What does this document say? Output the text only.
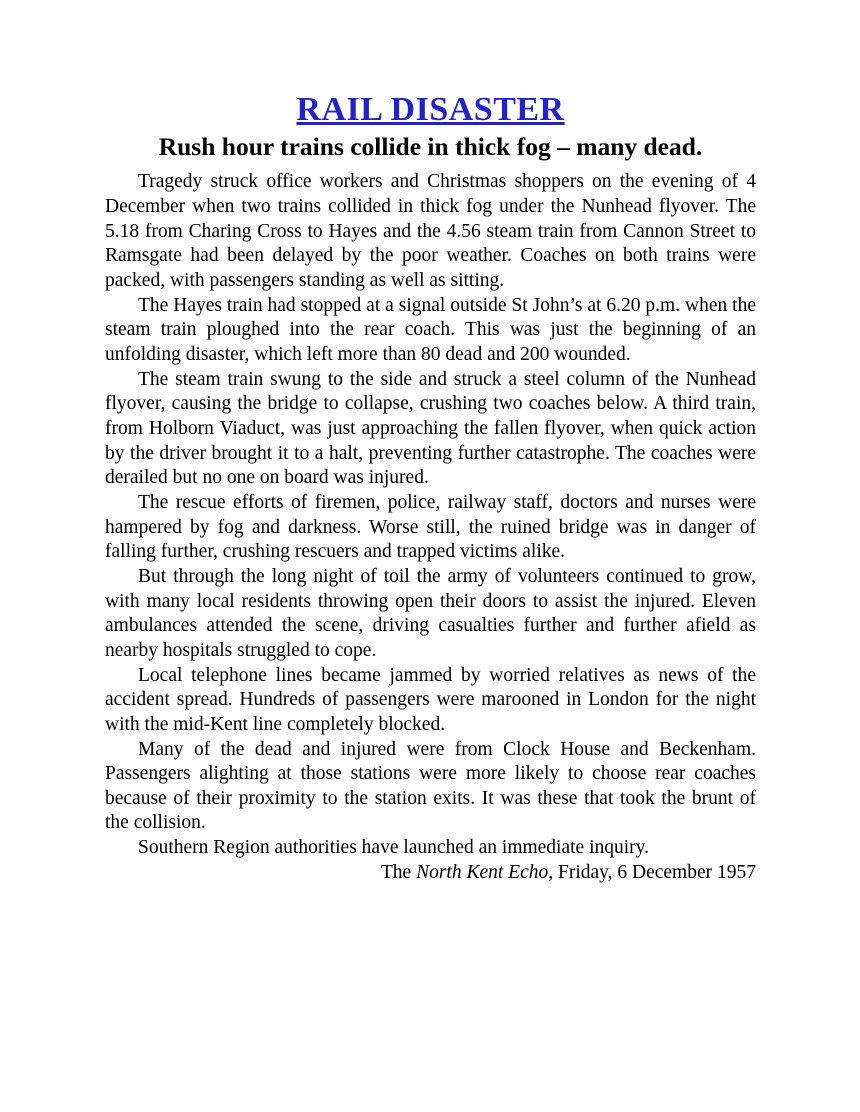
RAIL DISASTER
Rush hour trains collide in thick fog – many dead.

Tragedy struck office workers and Christmas shoppers on the evening of 4 December when two trains collided in thick fog under the Nunhead flyover. The 5.18 from Charing Cross to Hayes and the 4.56 steam train from Cannon Street to Ramsgate had been delayed by the poor weather. Coaches on both trains were packed, with passengers standing as well as sitting.

The Hayes train had stopped at a signal outside St John’s at 6.20 p.m. when the steam train ploughed into the rear coach. This was just the beginning of an unfolding disaster, which left more than 80 dead and 200 wounded.

The steam train swung to the side and struck a steel column of the Nunhead flyover, causing the bridge to collapse, crushing two coaches below. A third train, from Holborn Viaduct, was just approaching the fallen flyover, when quick action by the driver brought it to a halt, preventing further catastrophe. The coaches were derailed but no one on board was injured.

The rescue efforts of firemen, police, railway staff, doctors and nurses were hampered by fog and darkness. Worse still, the ruined bridge was in danger of falling further, crushing rescuers and trapped victims alike.

But through the long night of toil the army of volunteers continued to grow, with many local residents throwing open their doors to assist the injured. Eleven ambulances attended the scene, driving casualties further and further afield as nearby hospitals struggled to cope.

Local telephone lines became jammed by worried relatives as news of the accident spread. Hundreds of passengers were marooned in London for the night with the mid-Kent line completely blocked.

Many of the dead and injured were from Clock House and Beckenham. Passengers alighting at those stations were more likely to choose rear coaches because of their proximity to the station exits. It was these that took the brunt of the collision.

Southern Region authorities have launched an immediate inquiry.

The North Kent Echo, Friday, 6 December 1957
